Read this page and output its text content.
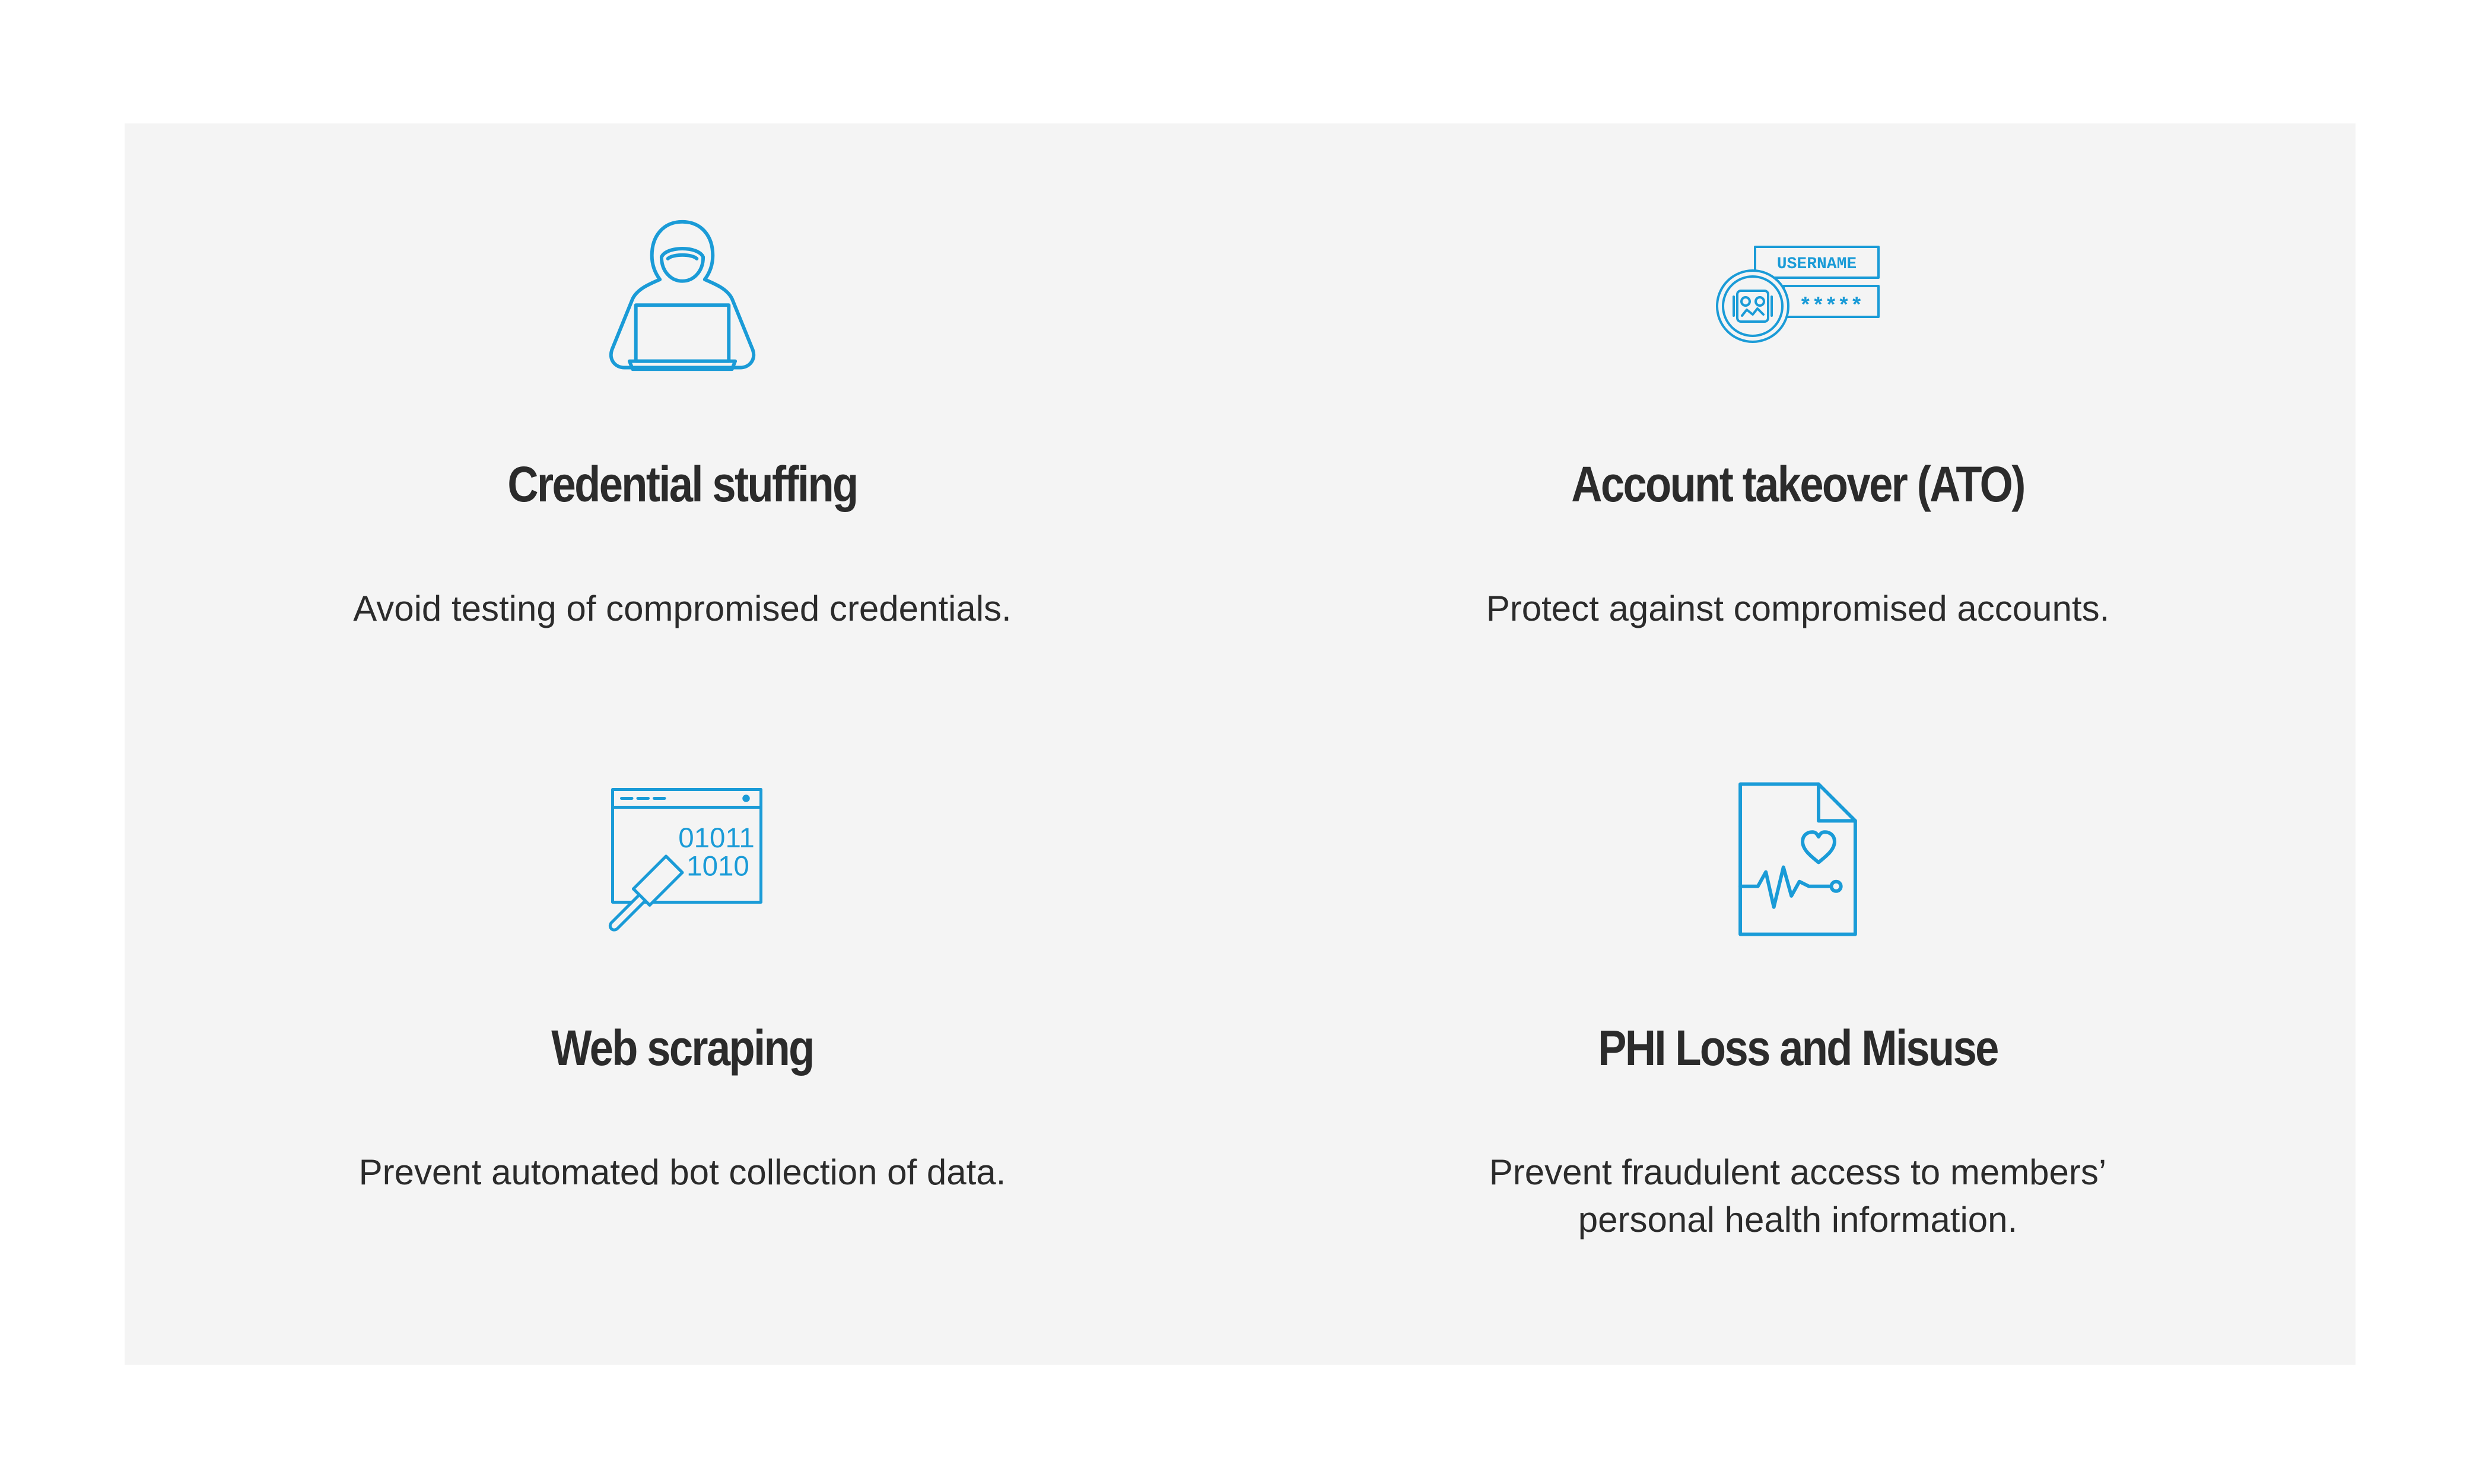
Credential stuffing
Avoid testing of compromised credentials.
USERNAME
*****
Account takeover (ATO)
Protect against compromised accounts.
01011
1010
Web scraping
Prevent automated bot collection of data.
PHI Loss and Misuse
Prevent fraudulent access to members’
personal health information.
